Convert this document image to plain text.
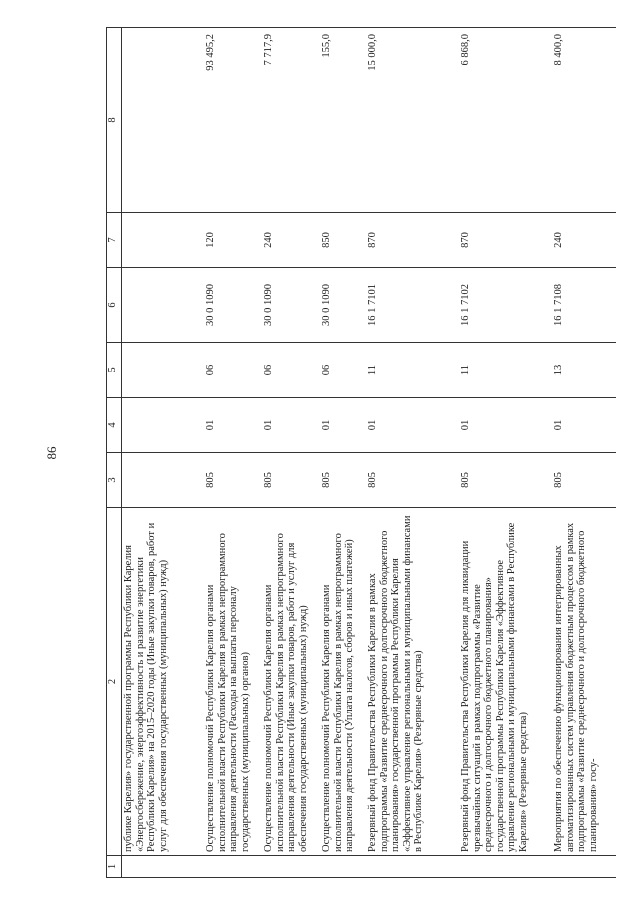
86
1	2	3	4	5	6	7	8
	публике Карелия» государственной программы Республики Карелия «Энергосбережение, энергоэффективность и развитие энергетики Республики Карелия» на 2015–2020 годы (Иные закупки товаров, работ и услуг для обеспечения государственных (муниципальных) нужд)						
	Осуществление полномочий Республики Карелия органами исполнительной власти Республики Карелия в рамках непрограммного направления деятельности (Расходы на выплаты персоналу государственных (муниципальных) органов)	805	01	06	30 0 1090	120	93 495,2
	Осуществление полномочий Республики Карелия органами исполнительной власти Республики Карелия в рамках непрограммного направления деятельности (Иные закупки товаров, работ и услуг для обеспечения государственных (муниципальных) нужд)	805	01	06	30 0 1090	240	7 717,9
	Осуществление полномочий Республики Карелия органами исполнительной власти Республики Карелия в рамках непрограммного направления деятельности (Уплата налогов, сборов и иных платежей)	805	01	06	30 0 1090	850	155,0
	Резервный фонд Правительства Республики Карелия в рамках подпрограммы «Развитие среднесрочного и долгосрочного бюджетного планирования» государственной программы Республики Карелия «Эффективное управление региональными и муниципальными финансами в Республике Карелия» (Резервные средства)	805	01	11	16 1 7101	870	15 000,0
	Резервный фонд Правительства Республики Карелия для ликвидации чрезвычайных ситуаций в рамках подпрограммы «Развитие среднесрочного и долгосрочного бюджетного планирования» государственной программы Республики Карелия «Эффективное управление региональными и муниципальными финансами в Республике Карелия» (Резервные средства)	805	01	11	16 1 7102	870	6 868,0
	Мероприятия по обеспечению функционирования интегрированных автоматизированных систем управления бюджетным процессом в рамках подпрограммы «Развитие среднесрочного и долгосрочного бюджетного планирования» госу-	805	01	13	16 1 7108	240	8 400,0
